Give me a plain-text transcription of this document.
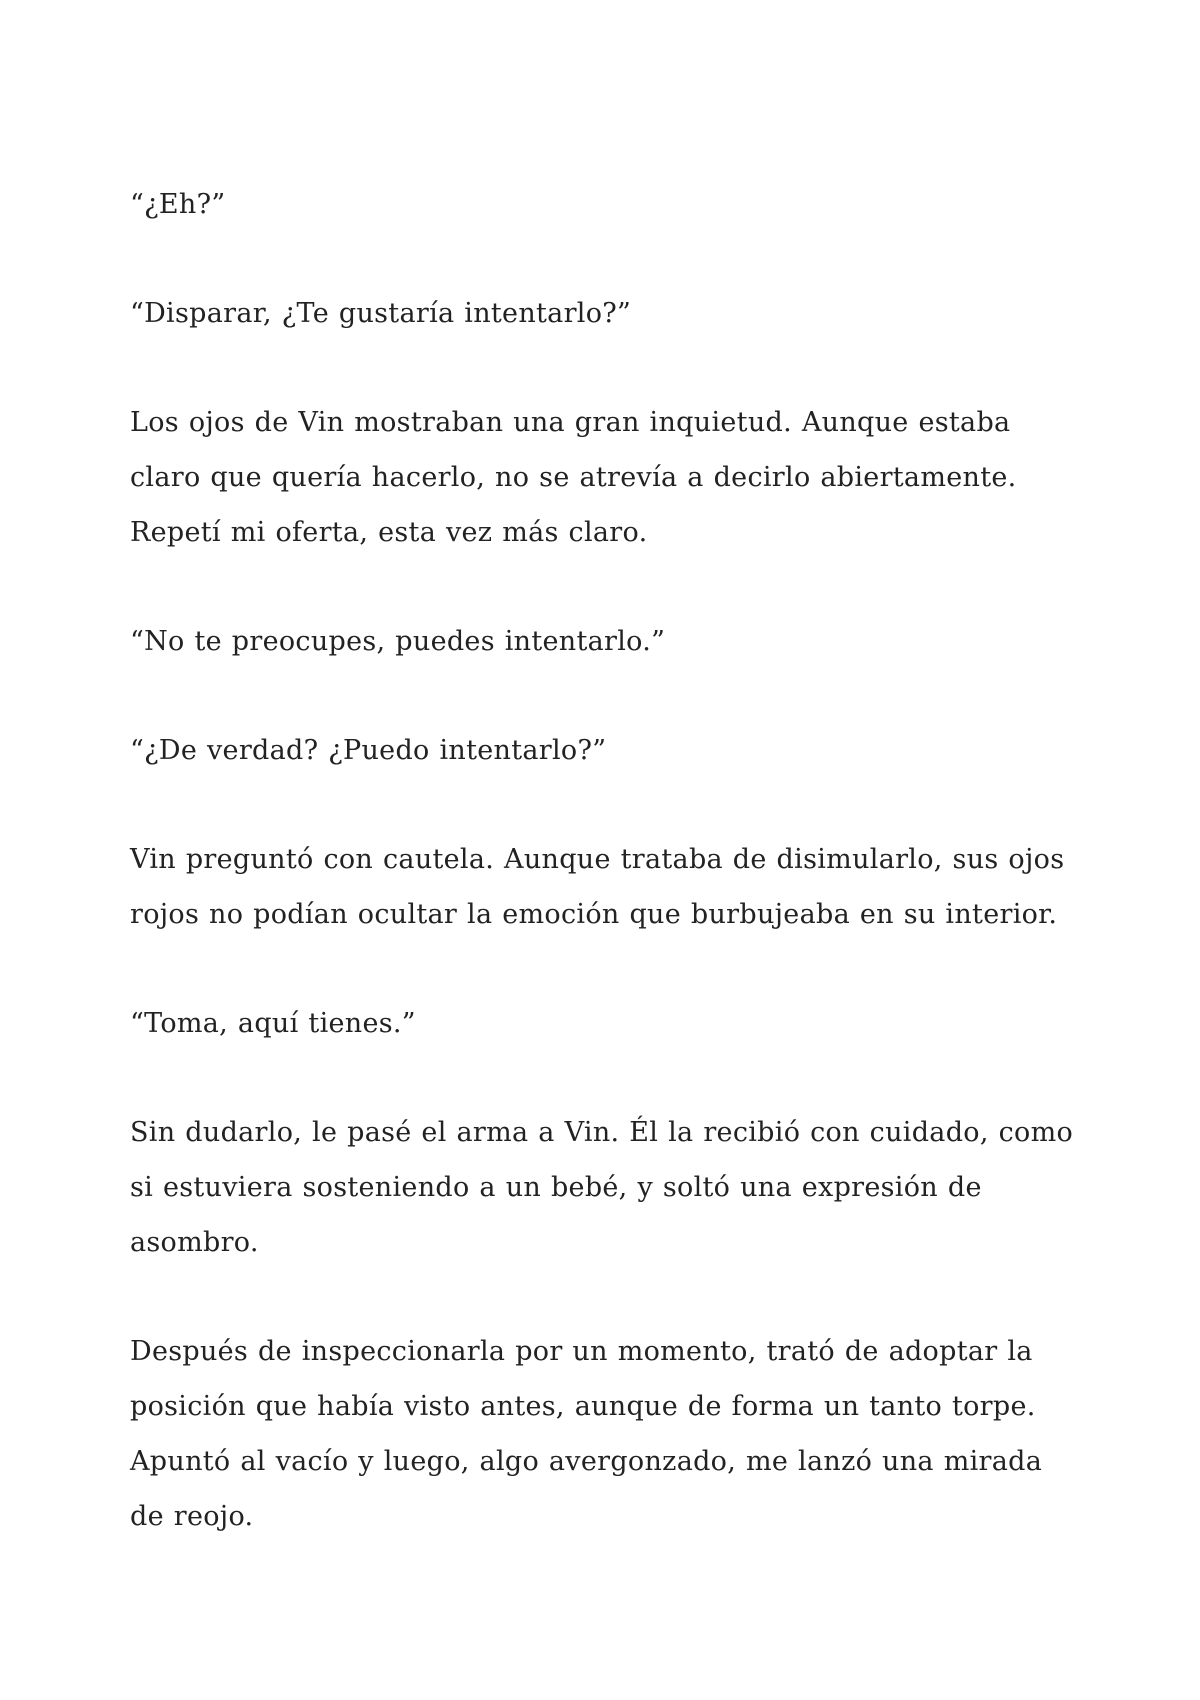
“¿Eh?”

“Disparar, ¿Te gustaría intentarlo?”

Los ojos de Vin mostraban una gran inquietud. Aunque estaba claro que quería hacerlo, no se atrevía a decirlo abiertamente. Repetí mi oferta, esta vez más claro.

“No te preocupes, puedes intentarlo.”

“¿De verdad? ¿Puedo intentarlo?”

Vin preguntó con cautela. Aunque trataba de disimularlo, sus ojos rojos no podían ocultar la emoción que burbujeaba en su interior.

“Toma, aquí tienes.”

Sin dudarlo, le pasé el arma a Vin. Él la recibió con cuidado, como si estuviera sosteniendo a un bebé, y soltó una expresión de asombro.

Después de inspeccionarla por un momento, trató de adoptar la posición que había visto antes, aunque de forma un tanto torpe. Apuntó al vacío y luego, algo avergonzado, me lanzó una mirada de reojo.
